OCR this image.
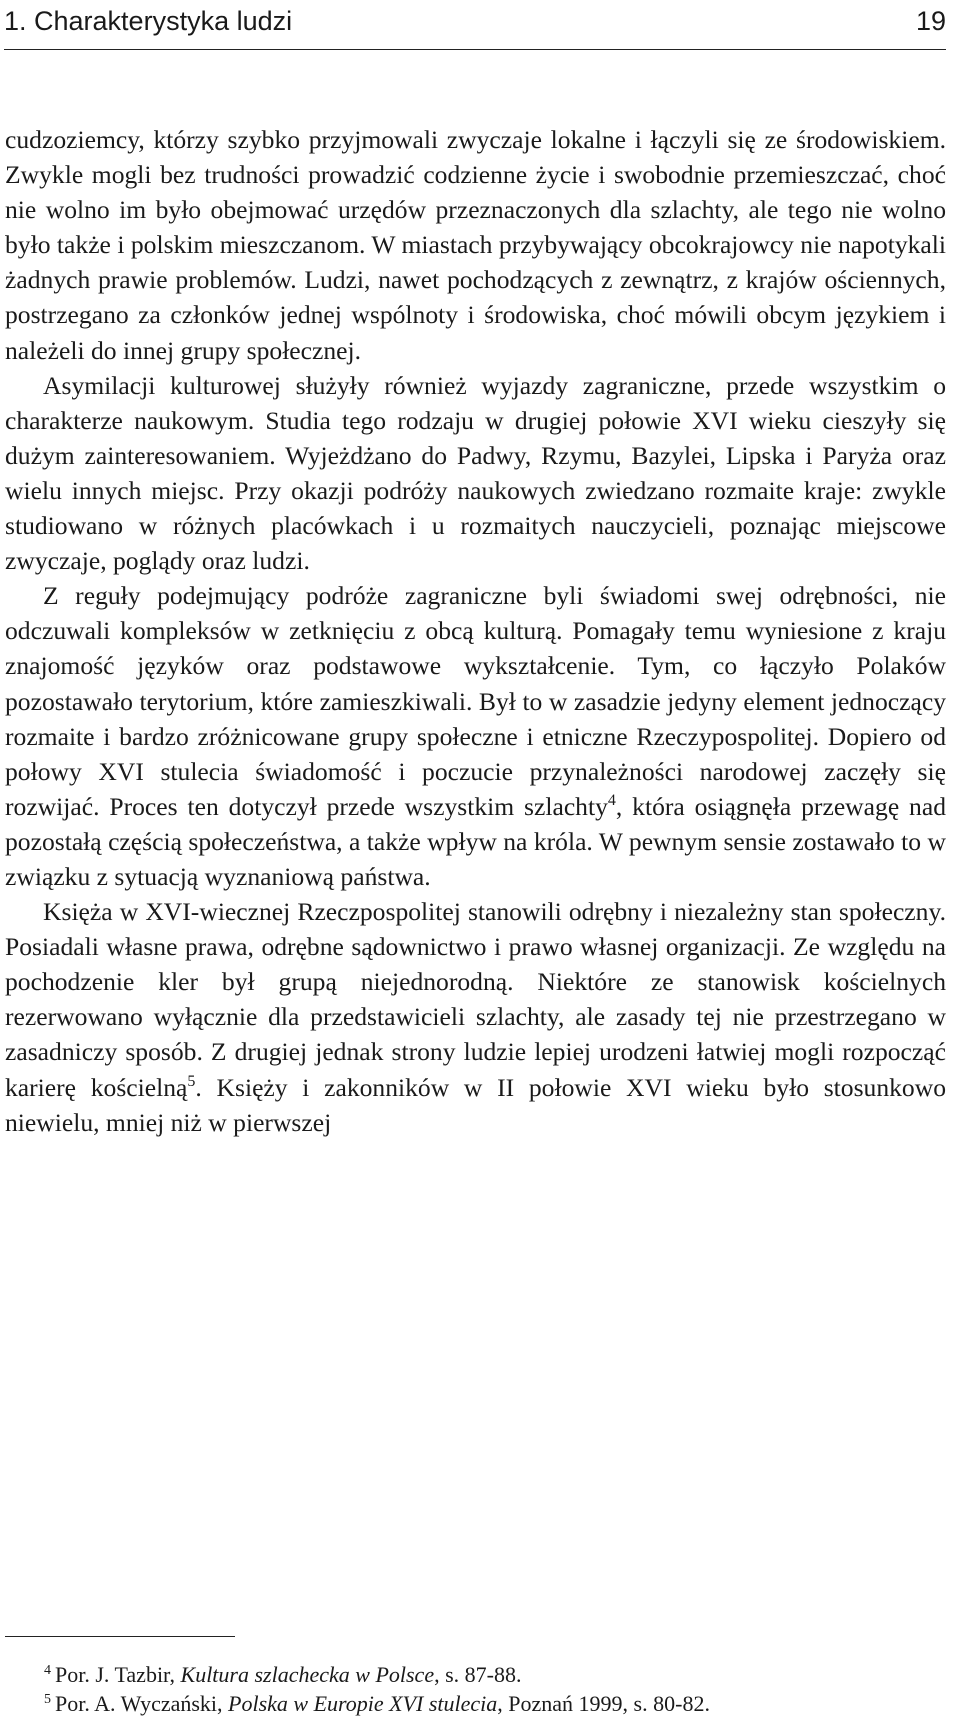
1. Charakterystyka ludzi	19

cudzoziemcy, którzy szybko przyjmowali zwyczaje lokalne i łączyli się ze środowiskiem. Zwykle mogli bez trudności prowadzić codzienne życie i swobodnie przemieszczać, choć nie wolno im było obejmować urzędów przeznaczonych dla szlachty, ale tego nie wolno było także i polskim mieszczanom. W miastach przybywający obcokrajowcy nie napotykali żadnych prawie problemów. Ludzi, nawet pochodzących z zewnątrz, z krajów ościennych, postrzegano za członków jednej wspólnoty i środowiska, choć mówili obcym językiem i należeli do innej grupy społecznej.

Asymilacji kulturowej służyły również wyjazdy zagraniczne, przede wszystkim o charakterze naukowym. Studia tego rodzaju w drugiej połowie XVI wieku cieszyły się dużym zainteresowaniem. Wyjeżdżano do Padwy, Rzymu, Bazylei, Lipska i Paryża oraz wielu innych miejsc. Przy okazji podróży naukowych zwiedzano rozmaite kraje: zwykle studiowano w różnych placówkach i u rozmaitych nauczycieli, poznając miejscowe zwyczaje, poglądy oraz ludzi.

Z reguły podejmujący podróże zagraniczne byli świadomi swej odrębności, nie odczuwali kompleksów w zetknięciu z obcą kulturą. Pomagały temu wyniesione z kraju znajomość języków oraz podstawowe wykształcenie. Tym, co łączyło Polaków pozostawało terytorium, które zamieszkiwali. Był to w zasadzie jedyny element jednoczący rozmaite i bardzo zróżnicowane grupy społeczne i etniczne Rzeczypospolitej. Dopiero od połowy XVI stulecia świadomość i poczucie przynależności narodowej zaczęły się rozwijać. Proces ten dotyczył przede wszystkim szlachty$^4$, która osiągnęła przewagę nad pozostałą częścią społeczeństwa, a także wpływ na króla. W pewnym sensie zostawało to w związku z sytuacją wyznaniową państwa.

Księża w XVI-wiecznej Rzeczpospolitej stanowili odrębny i niezależny stan społeczny. Posiadali własne prawa, odrębne sądownictwo i prawo własnej organizacji. Ze względu na pochodzenie kler był grupą niejednorodną. Niektóre ze stanowisk kościelnych rezerwowano wyłącznie dla przedstawicieli szlachty, ale zasady tej nie przestrzegano w zasadniczy sposób. Z drugiej jednak strony ludzie lepiej urodzeni łatwiej mogli rozpocząć karierę kościelną$^5$. Księży i zakonników w II połowie XVI wieku było stosunkowo niewielu, mniej niż w pierwszej

$^4$ Por. J. Tazbir, Kultura szlachecka w Polsce, s. 87-88.
$^5$ Por. A. Wyczański, Polska w Europie XVI stulecia, Poznań 1999, s. 80-82.
